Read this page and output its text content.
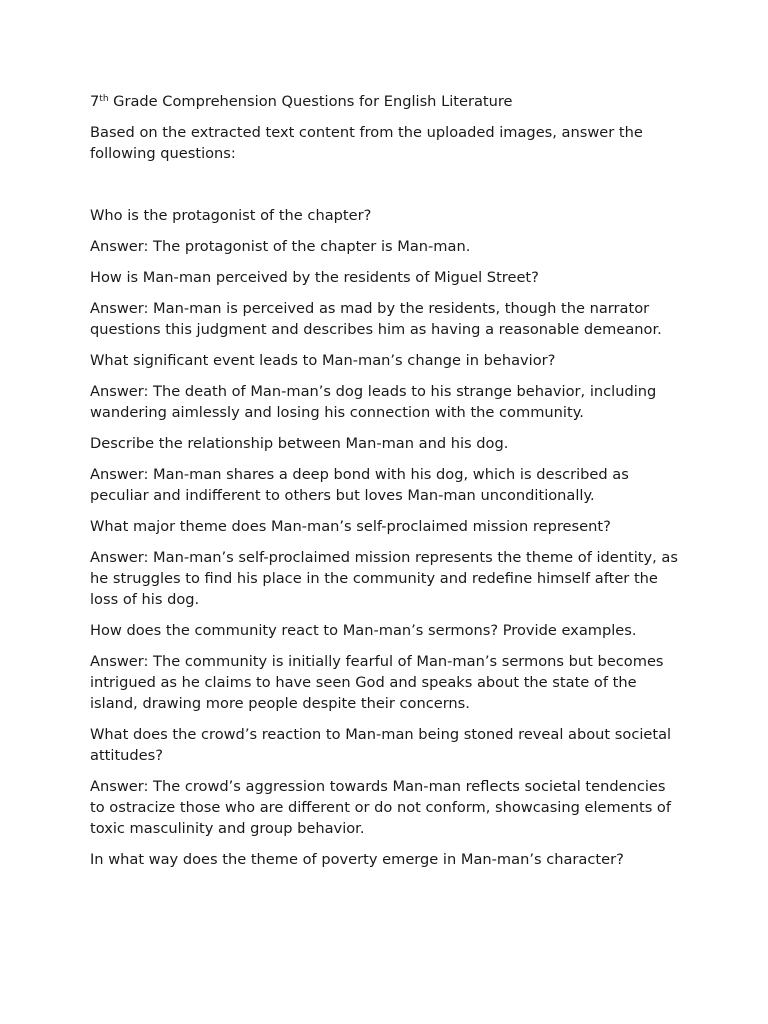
7th Grade Comprehension Questions for English Literature

Based on the extracted text content from the uploaded images, answer the following questions:

Who is the protagonist of the chapter?

Answer: The protagonist of the chapter is Man-man.

How is Man-man perceived by the residents of Miguel Street?

Answer: Man-man is perceived as mad by the residents, though the narrator questions this judgment and describes him as having a reasonable demeanor.

What significant event leads to Man-man’s change in behavior?

Answer: The death of Man-man’s dog leads to his strange behavior, including wandering aimlessly and losing his connection with the community.

Describe the relationship between Man-man and his dog.

Answer: Man-man shares a deep bond with his dog, which is described as peculiar and indifferent to others but loves Man-man unconditionally.

What major theme does Man-man’s self-proclaimed mission represent?

Answer: Man-man’s self-proclaimed mission represents the theme of identity, as he struggles to find his place in the community and redefine himself after the loss of his dog.

How does the community react to Man-man’s sermons? Provide examples.

Answer: The community is initially fearful of Man-man’s sermons but becomes intrigued as he claims to have seen God and speaks about the state of the island, drawing more people despite their concerns.

What does the crowd’s reaction to Man-man being stoned reveal about societal attitudes?

Answer: The crowd’s aggression towards Man-man reflects societal tendencies to ostracize those who are different or do not conform, showcasing elements of toxic masculinity and group behavior.

In what way does the theme of poverty emerge in Man-man’s character?
